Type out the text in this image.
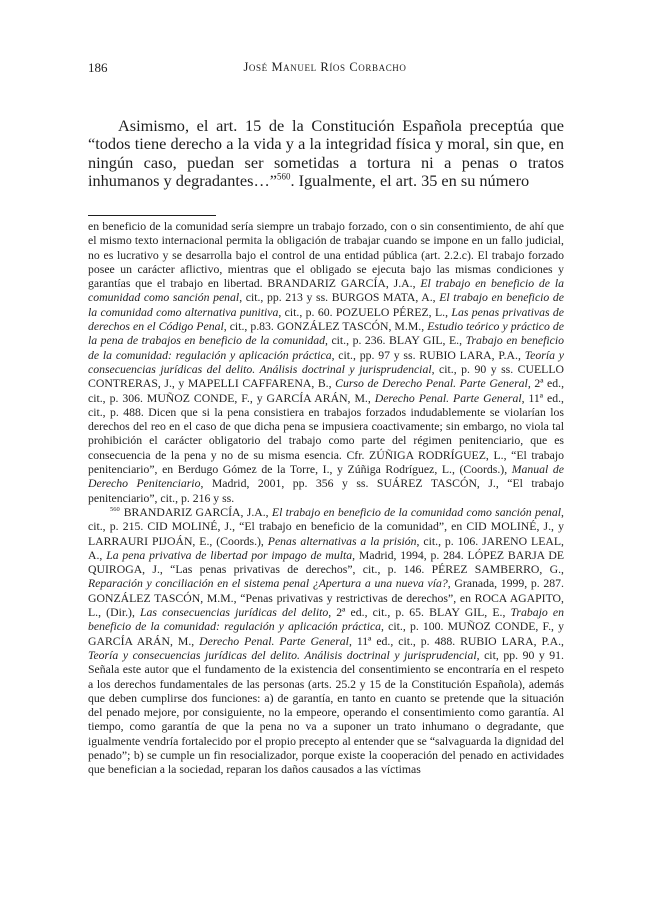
186	José Manuel Ríos Corbacho

Asimismo, el art. 15 de la Constitución Española preceptúa que “todos tiene derecho a la vida y a la integridad física y moral, sin que, en ningún caso, puedan ser sometidas a tortura ni a penas o tratos inhumanos y degradantes…”$^{560}$. Igualmente, el art. 35 en su número

en beneficio de la comunidad sería siempre un trabajo forzado, con o sin consentimiento, de ahí que el mismo texto internacional permita la obligación de trabajar cuando se impone en un fallo judicial, no es lucrativo y se desarrolla bajo el control de una entidad pública (art. 2.2.c). El trabajo forzado posee un carácter aflictivo, mientras que el obligado se ejecuta bajo las mismas condiciones y garantías que el trabajo en libertad. BRANDARIZ GARCÍA, J.A., El trabajo en beneficio de la comunidad como sanción penal, cit., pp. 213 y ss. BURGOS MATA, A., El trabajo en beneficio de la comunidad como alternativa punitiva, cit., p. 60. POZUELO PÉREZ, L., Las penas privativas de derechos en el Código Penal, cit., p.83. GONZÁLEZ TASCÓN, M.M., Estudio teórico y práctico de la pena de trabajos en beneficio de la comunidad, cit., p. 236. BLAY GIL, E., Trabajo en beneficio de la comunidad: regulación y aplicación práctica, cit., pp. 97 y ss. RUBIO LARA, P.A., Teoría y consecuencias jurídicas del delito. Análisis doctrinal y jurisprudencial, cit., p. 90 y ss. CUELLO CONTRERAS, J., y MAPELLI CAFFARENA, B., Curso de Derecho Penal. Parte General, 2ª ed., cit., p. 306. MUÑOZ CONDE, F., y GARCÍA ARÁN, M., Derecho Penal. Parte General, 11ª ed., cit., p. 488. Dicen que si la pena consistiera en trabajos forzados indudablemente se violarían los derechos del reo en el caso de que dicha pena se impusiera coactivamente; sin embargo, no viola tal prohibición el carácter obligatorio del trabajo como parte del régimen penitenciario, que es consecuencia de la pena y no de su misma esencia. Cfr. ZÚÑIGA RODRÍGUEZ, L., “El trabajo penitenciario”, en Berdugo Gómez de la Torre, I., y Zúñiga Rodríguez, L., (Coords.), Manual de Derecho Penitenciario, Madrid, 2001, pp. 356 y ss. SUÁREZ TASCÓN, J., “El trabajo penitenciario”, cit., p. 216 y ss.

$^{560}$ BRANDARIZ GARCÍA, J.A., El trabajo en beneficio de la comunidad como sanción penal, cit., p. 215. CID MOLINÉ, J., “El trabajo en beneficio de la comunidad”, en CID MOLINÉ, J., y LARRAURI PIJOÁN, E., (Coords.), Penas alternativas a la prisión, cit., p. 106. JARENO LEAL, A., La pena privativa de libertad por impago de multa, Madrid, 1994, p. 284. LÓPEZ BARJA DE QUIROGA, J., “Las penas privativas de derechos”, cit., p. 146. PÉREZ SAMBERRO, G., Reparación y conciliación en el sistema penal ¿Apertura a una nueva vía?, Granada, 1999, p. 287. GONZÁLEZ TASCÓN, M.M., “Penas privativas y restrictivas de derechos”, en ROCA AGAPITO, L., (Dir.), Las consecuencias jurídicas del delito, 2ª ed., cit., p. 65. BLAY GIL, E., Trabajo en beneficio de la comunidad: regulación y aplicación práctica, cit., p. 100. MUÑOZ CONDE, F., y GARCÍA ARÁN, M., Derecho Penal. Parte General, 11ª ed., cit., p. 488. RUBIO LARA, P.A., Teoría y consecuencias jurídicas del delito. Análisis doctrinal y jurisprudencial, cit, pp. 90 y 91. Señala este autor que el fundamento de la existencia del consentimiento se encontraría en el respeto a los derechos fundamentales de las personas (arts. 25.2 y 15 de la Constitución Española), además que deben cumplirse dos funciones: a) de garantía, en tanto en cuanto se pretende que la situación del penado mejore, por consiguiente, no la empeore, operando el consentimiento como garantía. Al tiempo, como garantía de que la pena no va a suponer un trato inhumano o degradante, que igualmente vendría fortalecido por el propio precepto al entender que se “salvaguarda la dignidad del penado”; b) se cumple un fin resocializador, porque existe la cooperación del penado en actividades que benefician a la sociedad, reparan los daños causados a las víctimas
